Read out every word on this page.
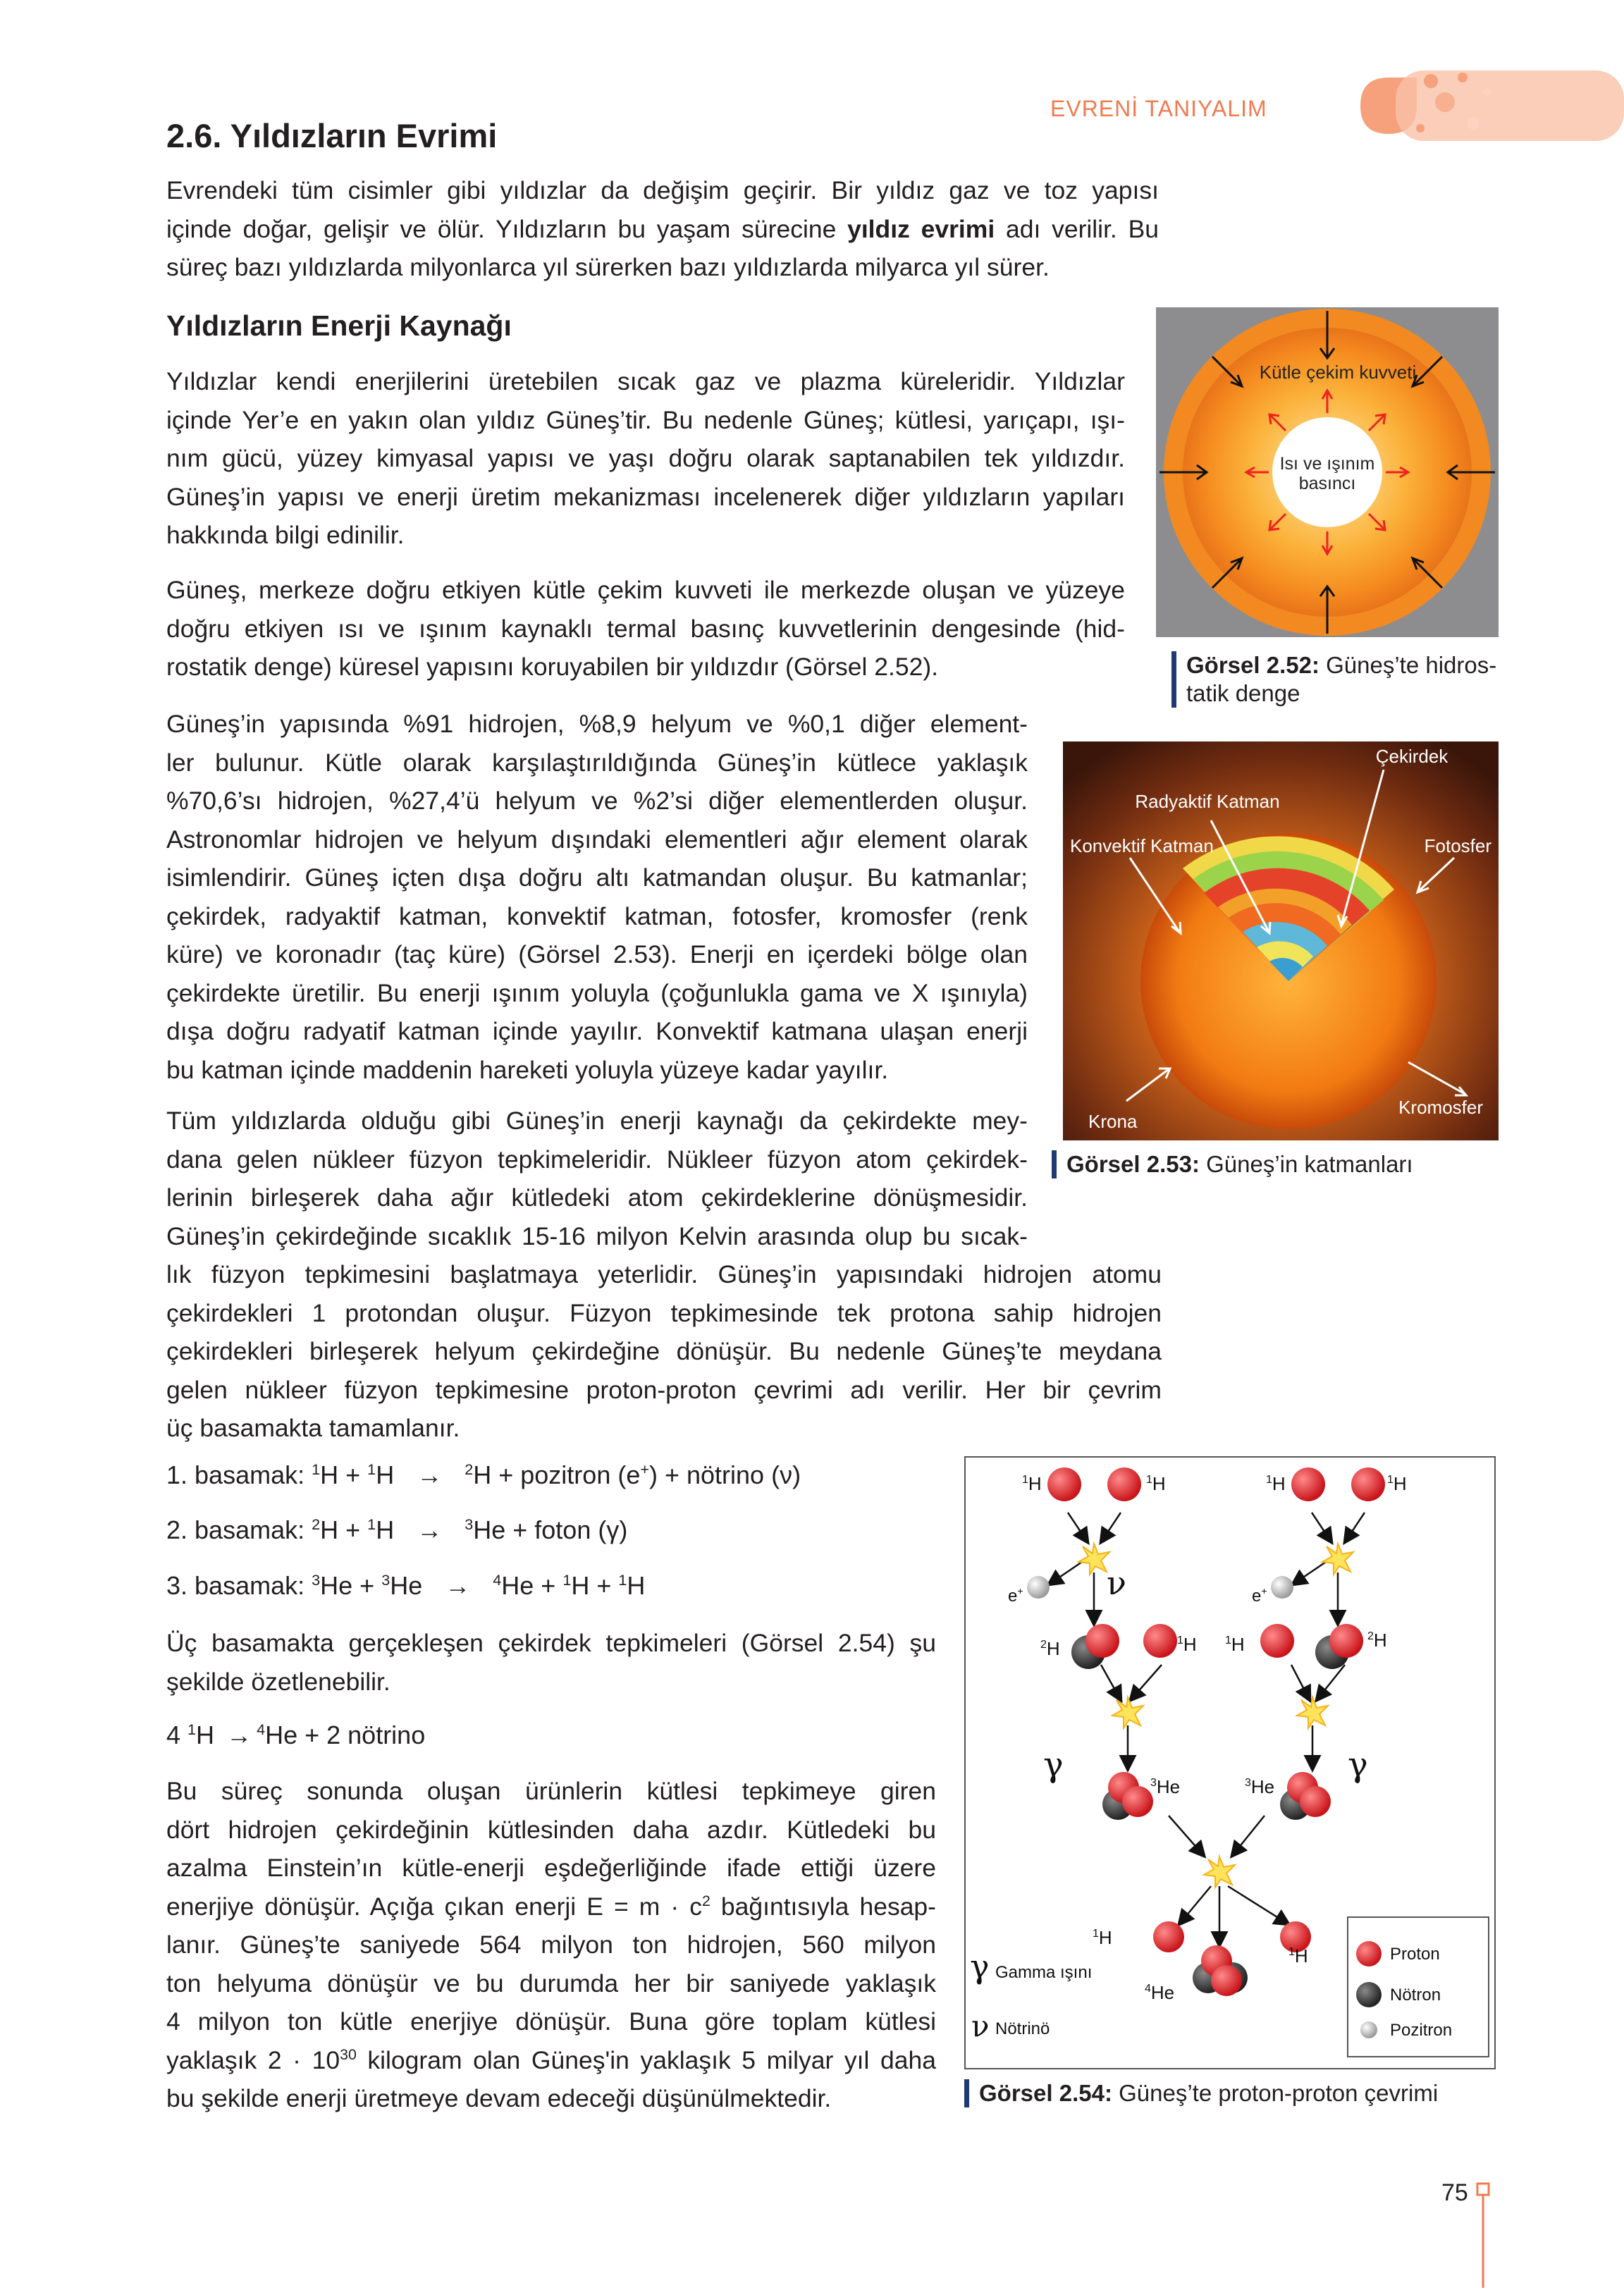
EVRENİ TANIYALIM
2.6. Yıldızların Evrimi

Evrendeki tüm cisimler gibi yıldızlar da değişim geçirir. Bir yıldız gaz ve toz yapısı

içinde doğar, gelişir ve ölür. Yıldızların bu yaşam sürecine yıldız evrimi adı verilir. Bu

süreç bazı yıldızlarda milyonlarca yıl sürerken bazı yıldızlarda milyarca yıl sürer.

Yıldızların Enerji Kaynağı

Yıldızlar kendi enerjilerini üretebilen sıcak gaz ve plazma küreleridir. Yıldızlar

içinde Yer’e en yakın olan yıldız Güneş’tir. Bu nedenle Güneş; kütlesi, yarıçapı, ışı-

nım gücü, yüzey kimyasal yapısı ve yaşı doğru olarak saptanabilen tek yıldızdır.

Güneş’in yapısı ve enerji üretim mekanizması incelenerek diğer yıldızların yapıları

hakkında bilgi edinilir.

Güneş, merkeze doğru etkiyen kütle çekim kuvveti ile merkezde oluşan ve yüzeye

doğru etkiyen ısı ve ışınım kaynaklı termal basınç kuvvetlerinin dengesinde (hid-

rostatik denge) küresel yapısını koruyabilen bir yıldızdır (Görsel 2.52).

Kütle çekim kuvveti
Isı ve ışınım
basıncı
Görsel 2.52: Güneş’te hidros-
tatik denge

Güneş’in yapısında %91 hidrojen, %8,9 helyum ve %0,1 diğer element-

ler bulunur. Kütle olarak karşılaştırıldığında Güneş’in kütlece yaklaşık

%70,6’sı hidrojen, %27,4’ü helyum ve %2’si diğer elementlerden oluşur.

Astronomlar hidrojen ve helyum dışındaki elementleri ağır element olarak

isimlendirir. Güneş içten dışa doğru altı katmandan oluşur. Bu katmanlar;

çekirdek, radyaktif katman, konvektif katman, fotosfer, kromosfer (renk

küre) ve koronadır (taç küre) (Görsel 2.53). Enerji en içerdeki bölge olan

çekirdekte üretilir. Bu enerji ışınım yoluyla (çoğunlukla gama ve X ışınıyla)

dışa doğru radyatif katman içinde yayılır. Konvektif katmana ulaşan enerji

bu katman içinde maddenin hareketi yoluyla yüzeye kadar yayılır.

Çekirdek
Radyaktif Katman
Konvektif Katman	Fotosfer
Krona
Kromosfer
Görsel 2.53: Güneş’in katmanları

Tüm yıldızlarda olduğu gibi Güneş’in enerji kaynağı da çekirdekte mey-

dana gelen nükleer füzyon tepkimeleridir. Nükleer füzyon atom çekirdek-

lerinin birleşerek daha ağır kütledeki atom çekirdeklerine dönüşmesidir.

Güneş’in çekirdeğinde sıcaklık 15-16 milyon Kelvin arasında olup bu sıcak-

lık füzyon tepkimesini başlatmaya yeterlidir. Güneş’in yapısındaki hidrojen atomu

çekirdekleri 1 protondan oluşur. Füzyon tepkimesinde tek protona sahip hidrojen

çekirdekleri birleşerek helyum çekirdeğine dönüşür. Bu nedenle Güneş’te meydana

gelen nükleer füzyon tepkimesine proton-proton çevrimi adı verilir. Her bir çevrim

üç basamakta tamamlanır.

1. basamak: $^1$H + $^1$H → $^2$H + pozitron (e+) + nötrino (ν)
2. basamak: $^2$H + $^1$H → $^3$He + foton (γ)
3. basamak: $^3$He + $^3$He → $^4$He + $^1$H + $^1$H

Üç basamakta gerçekleşen çekirdek tepkimeleri (Görsel 2.54) şu

şekilde özetlenebilir.

4 $^1$H → $^4$He + 2 nötrino

Bu süreç sonunda oluşan ürünlerin kütlesi tepkimeye giren

dört hidrojen çekirdeğinin kütlesinden daha azdır. Kütledeki bu

azalma Einstein’ın kütle-enerji eşdeğerliğinde ifade ettiği üzere

enerjiye dönüşür. Açığa çıkan enerji $E = m \cdot c^2$ bağıntısıyla hesap-

lanır. Güneş’te saniyede 564 milyon ton hidrojen, 560 milyon

ton helyuma dönüşür ve bu durumda her bir saniyede yaklaşık

4 milyon ton kütle enerjiye dönüşür. Buna göre toplam kütlesi

yaklaşık $2 \cdot 10^{30}$ kilogram olan Güneş'in yaklaşık 5 milyar yıl daha

bu şekilde enerji üretmeye devam edeceği düşünülmektedir.

$^1$H	$^1$H	$^1$H	$^1$H
e+	e+
$^2$H	$^1$H	$^1$H	$^2$H
$^3$He	$^3$He
$^1$H
$^1$H
$^4$He
ν
γ	γ
γ
ν
Gamma ışını
Nötrinö
Proton
Nötron
Pozitron
Görsel 2.54: Güneş’te proton-proton çevrimi
75
